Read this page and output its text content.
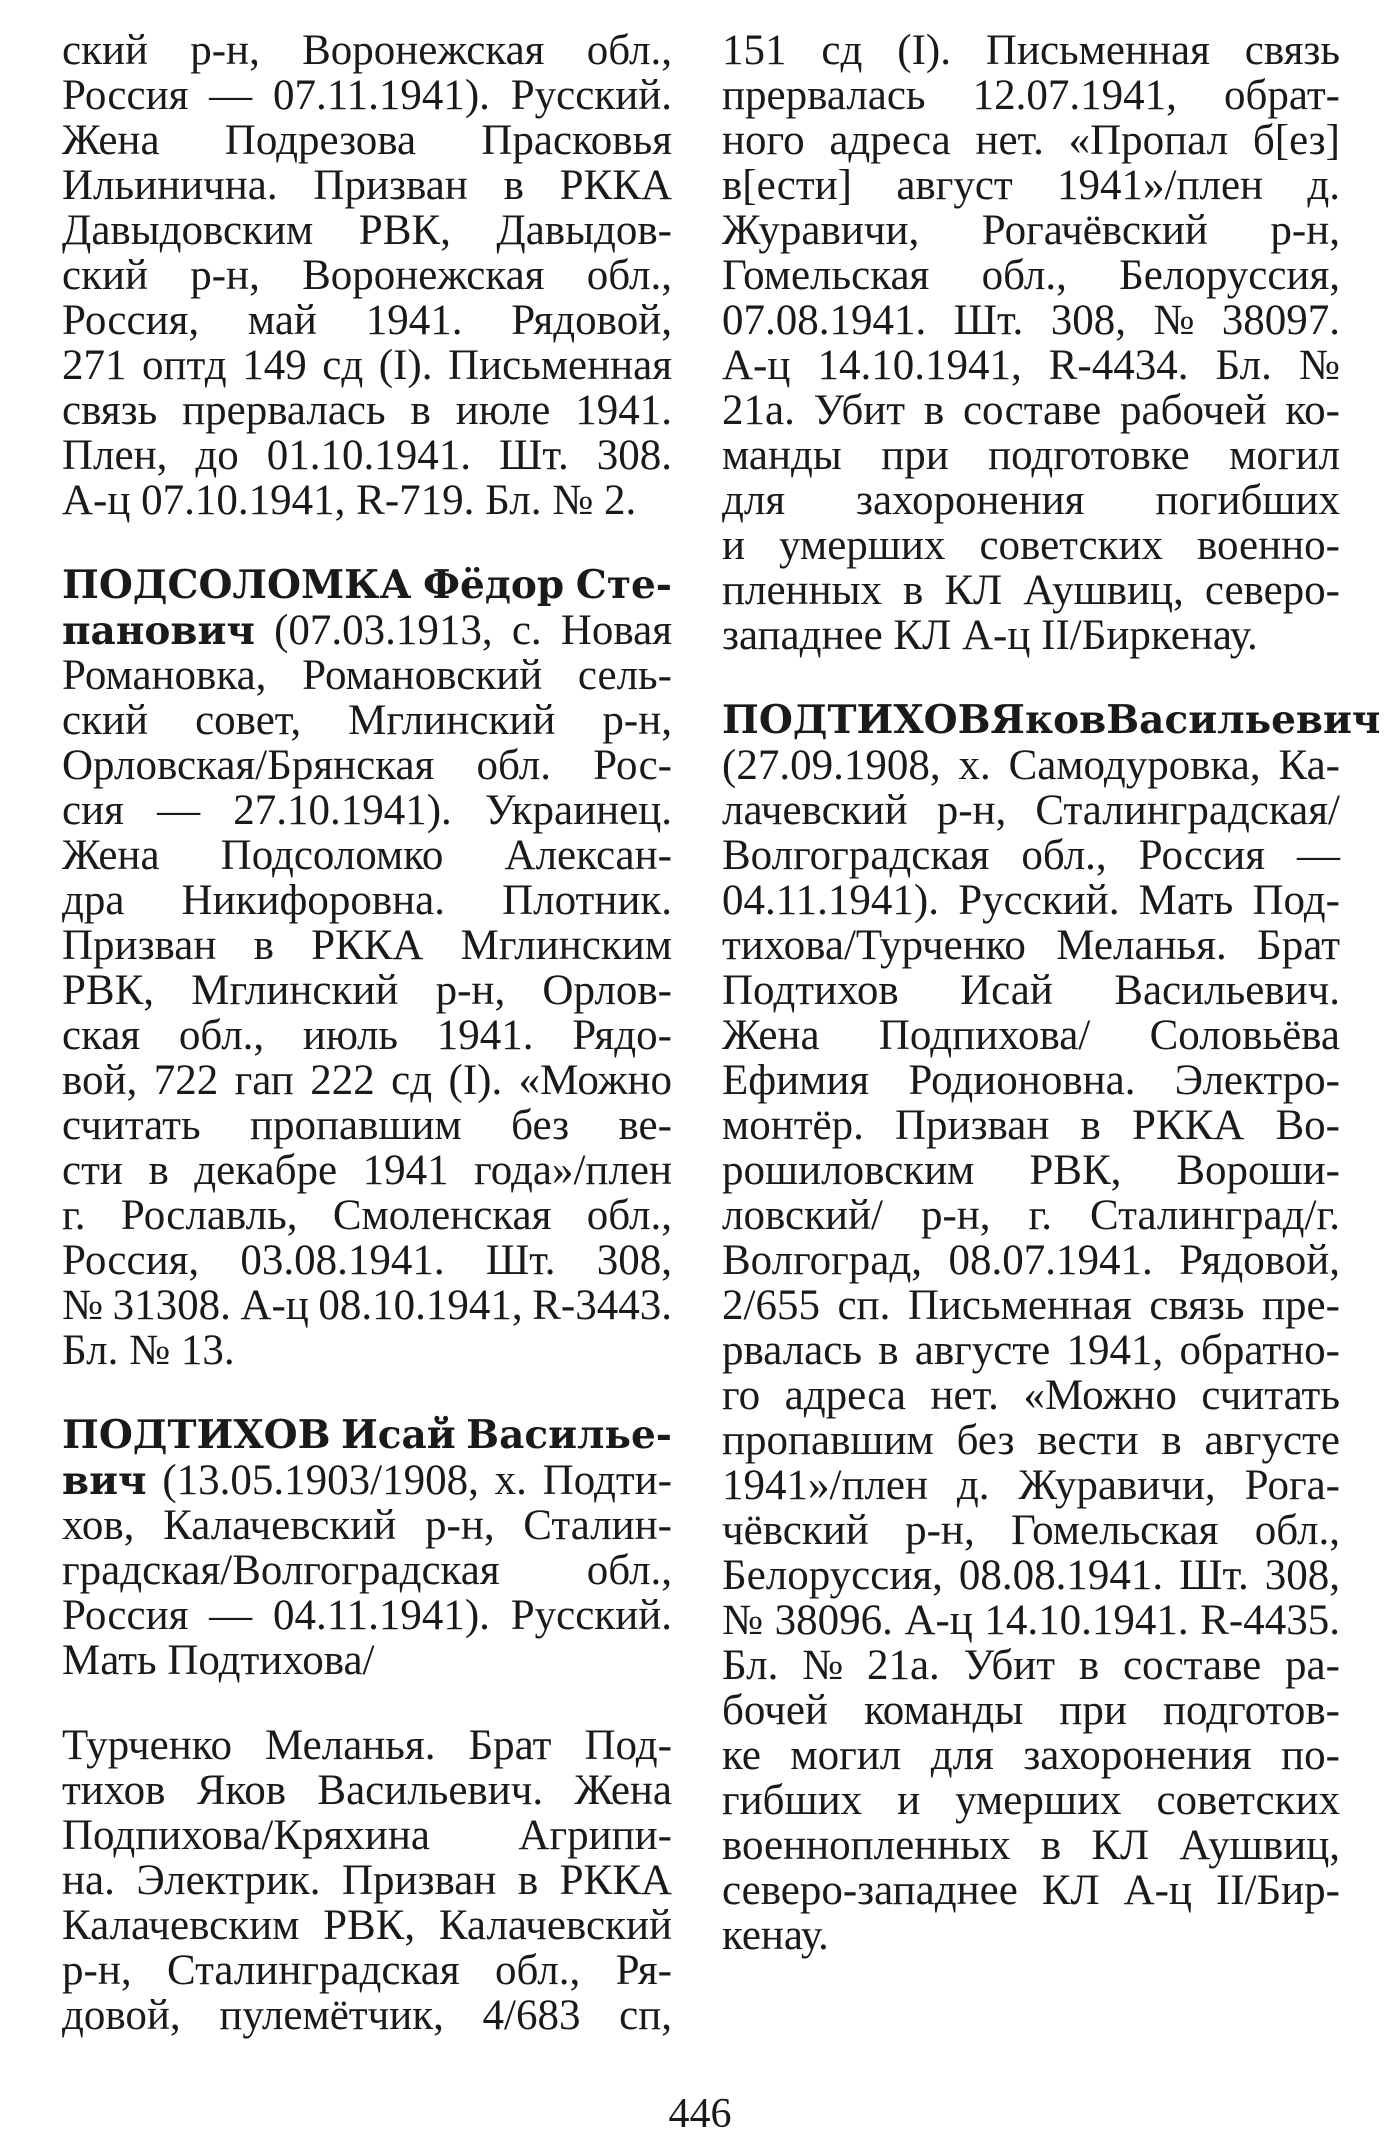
ский р-н, Воронежская обл.,
Россия — 07.11.1941). Русский.
Жена Подрезова Прасковья
Ильинична. Призван в РККА
Давыдовским РВК, Давыдов-
ский р-н, Воронежская обл.,
Россия, май 1941. Рядовой,
271 оптд 149 сд (I). Письменная
связь прервалась в июле 1941.
Плен, до 01.10.1941. Шт. 308.
А-ц 07.10.1941, R-719. Бл. № 2.
ПОДСОЛОМКА Фёдор Сте-
панович (07.03.1913, с. Новая
Романовка, Романовский сель-
ский совет, Мглинский р-н,
Орловская/Брянская обл. Рос-
сия — 27.10.1941). Украинец.
Жена Подсоломко Алексан-
дра Никифоровна. Плотник.
Призван в РККА Мглинским
РВК, Мглинский р-н, Орлов-
ская обл., июль 1941. Рядо-
вой, 722 гап 222 сд (I). «Можно
считать пропавшим без ве-
сти в декабре 1941 года»/плен
г. Рославль, Смоленская обл.,
Россия, 03.08.1941. Шт. 308,
№ 31308. А-ц 08.10.1941, R-3443.
Бл. № 13.
ПОДТИХОВ Исай Васильe-
вич (13.05.1903/1908, х. Подти-
хов, Калачевский р-н, Сталин-
градская/Волгоградская обл.,
Россия — 04.11.1941). Русский.
Мать Подтихова/
Турченко Меланья. Брат Под-
тихов Яков Васильевич. Жена
Подпихова/Кряхина Агрипи-
на. Электрик. Призван в РККА
Калачевским РВК, Калачевский
р-н, Сталинградская обл., Ря-
довой, пулемётчик, 4/683 сп,
151 сд (I). Письменная связь
прервалась 12.07.1941, обрат-
ного адреса нет. «Пропал б[ез]
в[ести] август 1941»/плен д.
Журавичи, Рогачёвский р-н,
Гомельская обл., Белоруссия,
07.08.1941. Шт. 308, № 38097.
А-ц 14.10.1941, R-4434. Бл. №
21а. Убит в составе рабочей ко-
манды при подготовке могил
для захоронения погибших
и умерших советских военно-
пленных в КЛ Аушвиц, северо-
западнее КЛ А-ц II/Биркенау.
ПОДТИХОВ Яков Васильевич
(27.09.1908, х. Самодуровка, Ка-
лачевский р-н, Сталинградская/
Волгоградская обл., Россия —
04.11.1941). Русский. Мать Под-
тихова/Турченко Меланья. Брат
Подтихов Исай Васильевич.
Жена Подпихова/ Соловьёва
Ефимия Родионовна. Электро-
монтёр. Призван в РККА Во-
рошиловским РВК, Вороши-
ловский/ р-н, г. Сталинград/г.
Волгоград, 08.07.1941. Рядовой,
2/655 сп. Письменная связь пре-
рвалась в августе 1941, обратно-
го адреса нет. «Можно считать
пропавшим без вести в августе
1941»/плен д. Журавичи, Рога-
чёвский р-н, Гомельская обл.,
Белоруссия, 08.08.1941. Шт. 308,
№ 38096. А-ц 14.10.1941. R-4435.
Бл. № 21а. Убит в составе ра-
бочей команды при подготов-
ке могил для захоронения по-
гибших и умерших советских
военнопленных в КЛ Аушвиц,
северо-западнее КЛ А-ц II/Бир-
кенау.
446
